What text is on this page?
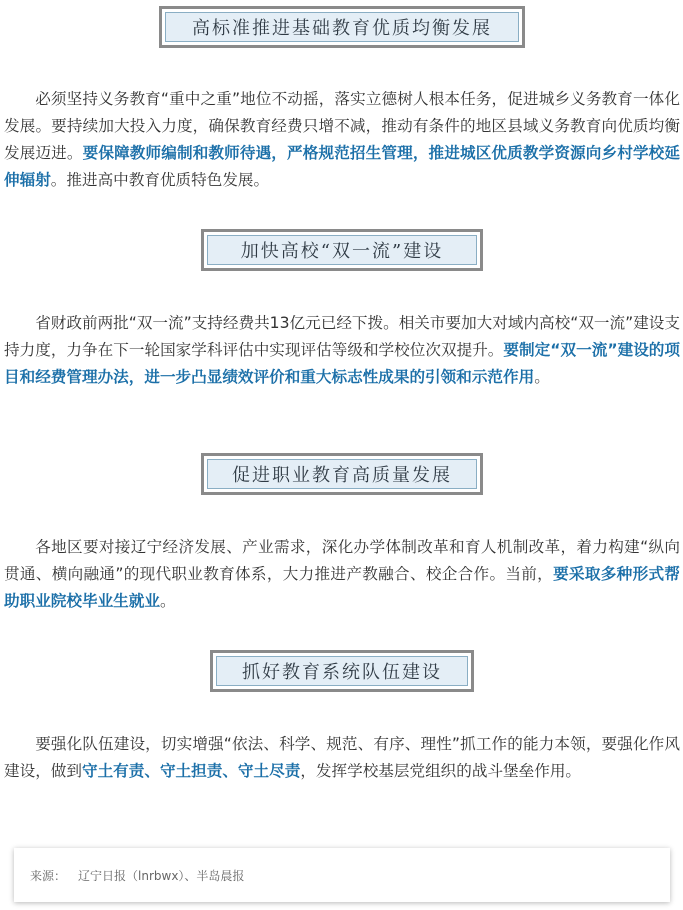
高标准推进基础教育优质均衡发展

必须坚持义务教育“重中之重”地位不动摇，落实立德树人根本任务，促进城乡义务教育一体化发展。要持续加大投入力度，确保教育经费只增不减，推动有条件的地区县域义务教育向优质均衡发展迈进。要保障教师编制和教师待遇，严格规范招生管理，推进城区优质教学资源向乡村学校延伸辐射。推进高中教育优质特色发展。

加快高校“双一流”建设

省财政前两批“双一流”支持经费共13亿元已经下拨。相关市要加大对域内高校“双一流”建设支持力度，力争在下一轮国家学科评估中实现评估等级和学校位次双提升。要制定“双一流”建设的项目和经费管理办法，进一步凸显绩效评价和重大标志性成果的引领和示范作用。

促进职业教育高质量发展

各地区要对接辽宁经济发展、产业需求，深化办学体制改革和育人机制改革，着力构建“纵向贯通、横向融通”的现代职业教育体系，大力推进产教融合、校企合作。当前，要采取多种形式帮助职业院校毕业生就业。

抓好教育系统队伍建设

要强化队伍建设，切实增强“依法、科学、规范、有序、理性”抓工作的能力本领，要强化作风建设，做到守土有责、守土担责、守土尽责，发挥学校基层党组织的战斗堡垒作用。

来源： 辽宁日报（lnrbwx）、半岛晨报
